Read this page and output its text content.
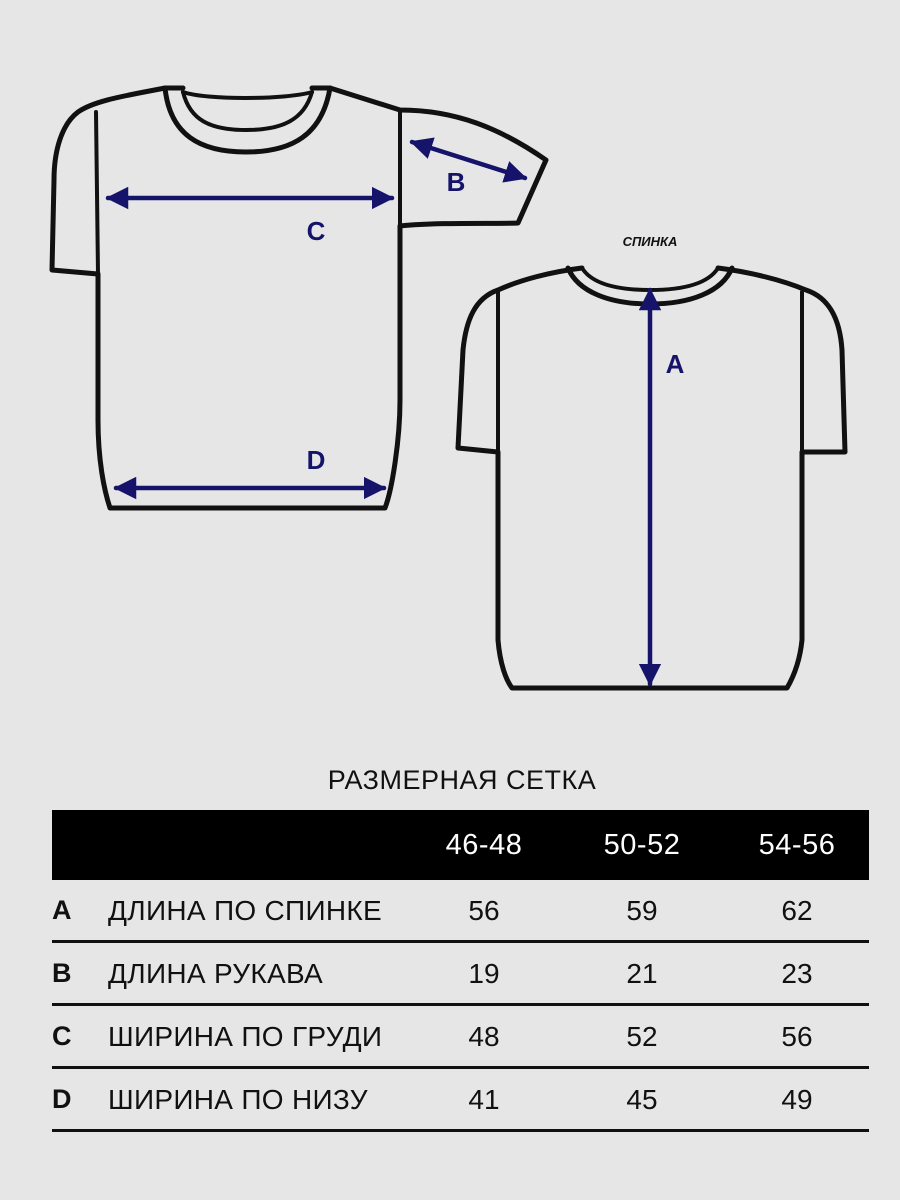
B
C
D
СПИНКА
A
РАЗМЕРНАЯ СЕТКА
46-48	50-52	54-56
A ДЛИНА ПО СПИНКЕ	56	59	62
B ДЛИНА РУКАВА	19	21	23
C ШИРИНА ПО ГРУДИ	48	52	56
D ШИРИНА ПО НИЗУ	41	45	49
